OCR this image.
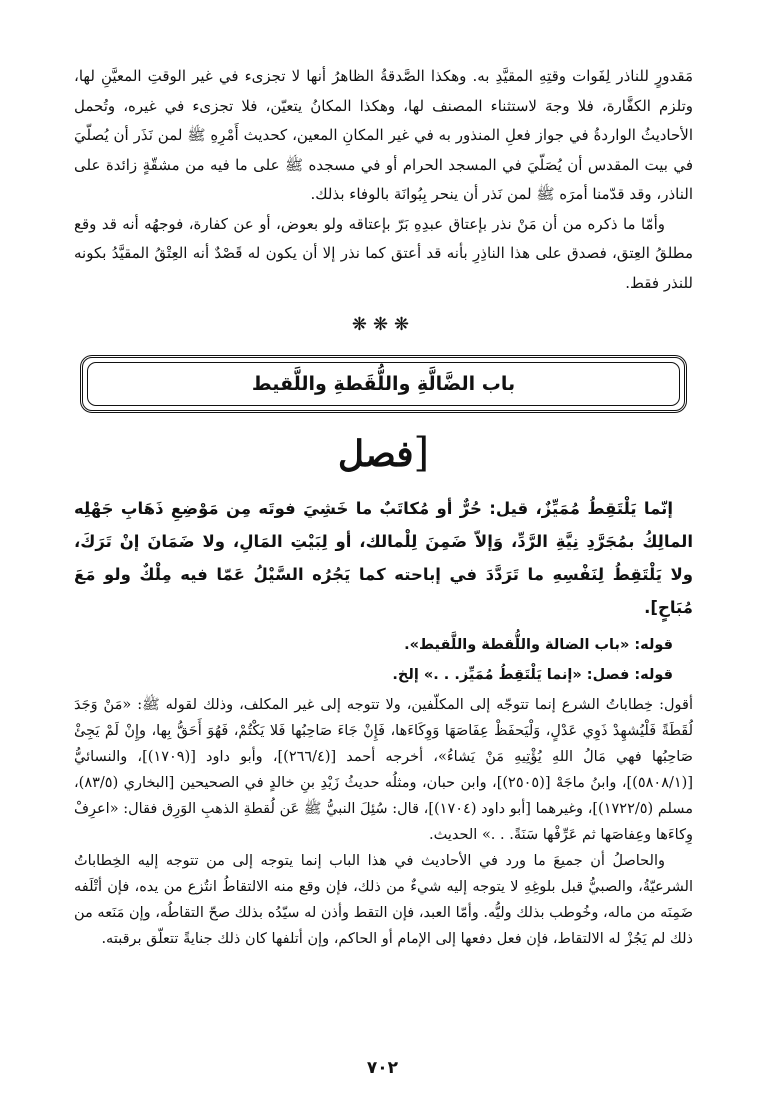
مَقدورٍ للناذر لِفَوات وقتِهِ المقيَّدِ به. وهكذا الصَّدقةُ الظاهرُ أنها لا تجزىء في غير الوقتِ المعيَّنِ لها، وتلزم الكفَّارة، فلا وجهَ لاستثناء المصنف لها، وهكذا المكانُ يتعيّن، فلا تجزىء في غيره، وتُحمل الأحاديثُ الواردةُ في جواز فعلِ المنذور به في غير المكانِ المعين، كحديث أَمْرِهِ ﷺ لمن نَذَر أن يُصلّيَ في بيت المقدس أن يُصَلّيَ في المسجد الحرام أو في مسجده ﷺ على ما فيه من مشقّةٍ زائدة على الناذر، وقد قدّمنا أمرَه ﷺ لمن نَذر أن ينحر بِبُوانَة بالوفاء بذلك.

وأمّا ما ذكره من أن مَنْ نذر بإعتاق عبدِهِ بَرّ بإعتاقه ولو بعوض، أو عن كفارة، فوجهُه أنه قد وقع مطلقُ العِتق، فصدق على هذا الناذِرِ بأنه قد أعتق كما نذر إلا أن يكون له قَصْدٌ أنه العِتْقُ المقيَّدُ بكونه للنذر فقط.

❋❋❋
باب الضَّالَّةِ واللُّقَطةِ واللَّقيط
[فصل

إنّما يَلْتَقِطُ مُمَيِّزٌ، قيل: حُرٌّ أو مُكاتَبٌ ما خَشِيَ فوتَه مِن مَوْضِعِ ذَهَابِ جَهْلِه المالِكُ بمُجَرَّدِ نِيَّةِ الرَّدِّ، وَإلاّ ضَمِنَ لِلْمالك، أو لِبَيْتِ المَالِ، ولا ضَمَانَ إنْ تَرَكَ، ولا يَلْتَقِطُ لِنَفْسِهِ ما تَرَدَّدَ في إباحته كما يَجُرُه السَّيْلُ عَمّا فيه مِلْكٌ ولو مَعَ مُبَاحٍ].

قوله: «باب الضالة واللُّقطة واللَّقيط».

قوله: فصل: «إنما يَلْتَقِطُ مُمَيِّز. . .» إلخ.

أقول: خِطاباتُ الشرع إنما تتوجّه إلى المكلّفين، ولا تتوجه إلى غير المكلف، وذلك لقوله ﷺ: «مَنْ وَجَدَ لُقَطَةً فَلْيُشهِدْ ذَوِي عَدْلٍ، وَلْيَحفَظْ عِفَاصَهَا وَوِكَاءَها، فَإِنْ جَاءَ صَاحِبُها فَلا يَكْتُمْ، فَهُوَ أَحَقُّ بِها، وإِنْ لَمْ يَجِئْ صَاحِبُها فهي مَالُ اللهِ يُؤْتِيهِ مَنْ يَشاءُ»، أخرجه أحمد [(٢٦٦/٤)]، وأبو داود [(١٧٠٩)]، والنسائيُّ [(٥٨٠٨/١)]، وابنُ ماجَهْ [(٢٥٠٥)]، وابن حبان، ومثلُه حديثُ زَيْدِ بنِ خالدٍ في الصحيحين [البخاري (٨٣/٥)، مسلم (١٧٢٢/٥)]، وغيرهما [أبو داود (١٧٠٤)]، قال: سُئِلَ النبيُّ ﷺ عَن لُقطةِ الذهبِ الوَرِق فقال: «اعرِفْ وِكاءَها وعِفاصَها ثم عَرِّفْها سَنَةً. . .» الحديث.

والحاصلُ أن جميعَ ما ورد في الأحاديث في هذا الباب إنما يتوجه إلى من تتوجه إليه الخِطاباتُ الشرعيّةُ، والصبيُّ قبل بلوغِهِ لا يتوجه إليه شيءٌ من ذلك، فإن وقع منه الالتقاطُ انتُزع من يده، فإن أتْلَفه ضَمِنَه من ماله، وخُوطب بذلك وليُّه. وأمّا العبد، فإن التقط وأذن له سيّدُه بذلك صحّ التقاطُه، وإن مَنَعه من ذلك لم يَجُزْ له الالتقاط، فإن فعل دفعها إلى الإمام أو الحاكم، وإن أتلفها كان ذلك جنايةً تتعلّق برقبته.

٧٠٢
